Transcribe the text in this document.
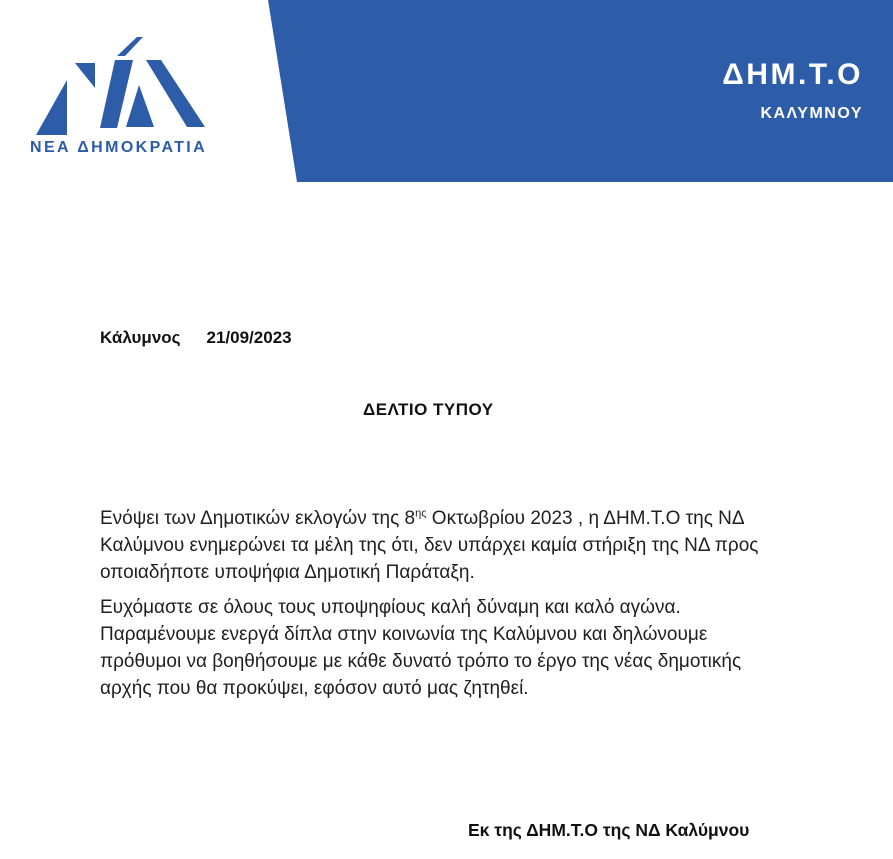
ΔΗΜ.Τ.Ο
ΚΑΛΥΜΝΟΥ
ΝΕΑ ΔΗΜΟΚΡΑΤΙΑ
Κάλυμνος 21/09/2023
ΔΕΛΤΙΟ ΤΥΠΟΥ
Ενόψει των Δημοτικών εκλογών της $8^{\eta\varsigma}$ Οκτωβρίου 2023 , η ΔΗΜ.Τ.Ο της ΝΔ
Καλύμνου ενημερώνει τα μέλη της ότι, δεν υπάρχει καμία στήριξη της ΝΔ προς
οποιαδήποτε υποψήφια Δημοτική Παράταξη.
Ευχόμαστε σε όλους τους υποψηφίους καλή δύναμη και καλό αγώνα.
Παραμένουμε ενεργά δίπλα στην κοινωνία της Καλύμνου και δηλώνουμε
πρόθυμοι να βοηθήσουμε με κάθε δυνατό τρόπο το έργο της νέας δημοτικής
αρχής που θα προκύψει, εφόσον αυτό μας ζητηθεί.
Εκ της ΔΗΜ.Τ.Ο της ΝΔ Καλύμνου
